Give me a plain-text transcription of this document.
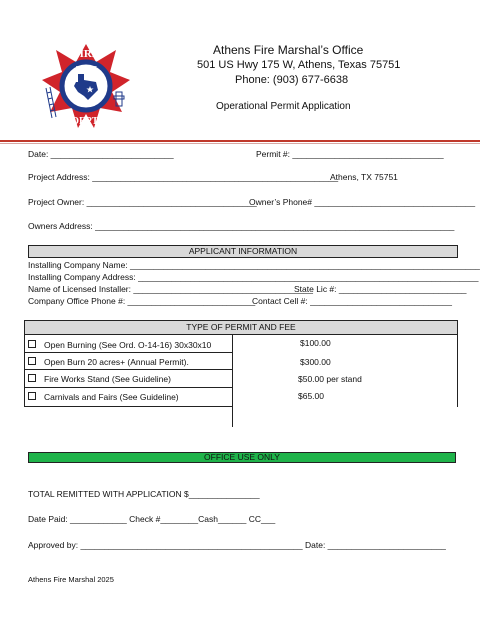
FIRE
ATHENS
TEXAS
DEPT.
Athens Fire Marshal’s Office
501 US Hwy 175 W, Athens, Texas 75751
Phone: (903) 677-6638
Operational Permit Application
Date: __________________________	Permit #: ________________________________
Project Address: ____________________________________________________
Athens, TX 75751
Project Owner: ____________________________________
Owner’s Phone# __________________________________
Owners Address: ____________________________________________________________________________
APPLICANT INFORMATION
Installing Company Name: __________________________________________________________________________
Installing Company Address: ________________________________________________________________________
Name of Licensed Installer: ______________________________________
State Lic #: ___________________________
Company Office Phone #: ___________________________
Contact Cell #: ______________________________
TYPE OF PERMIT AND FEE
Open Burning (See Ord. O-14-16) 30x30x10	$100.00
Open Burn 20 acres+ (Annual Permit).	$300.00
Fire Works Stand (See Guideline)	$50.00 per stand
Carnivals and Fairs (See Guideline)	$65.00
OFFICE USE ONLY
TOTAL REMITTED WITH APPLICATION $_______________
Date Paid: ____________ Check #________Cash______ CC___
Approved by: _______________________________________________ Date: _________________________
Athens Fire Marshal 2025
